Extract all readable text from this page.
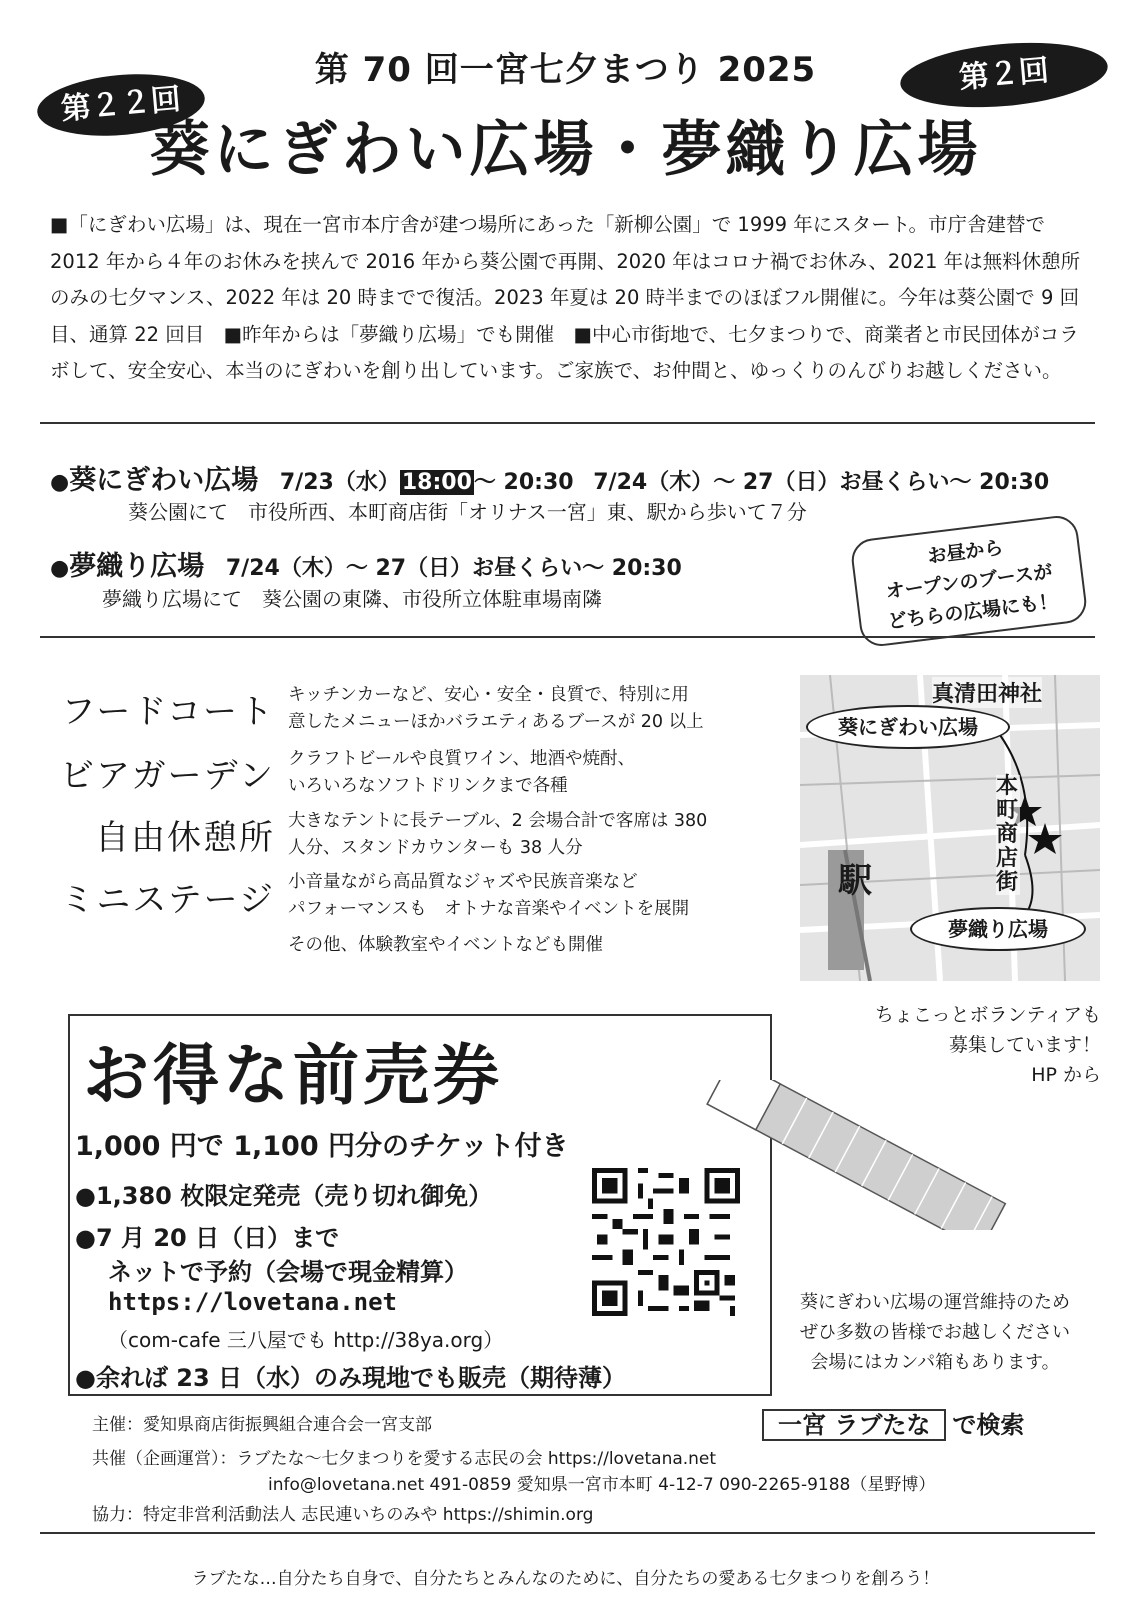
第 70 回一宮七夕まつり 2025
第２２回
第２回
葵にぎわい広場・夢織り広場
■「にぎわい広場」は、現在一宮市本庁舎が建つ場所にあった「新柳公園」で 1999 年にスタート。市庁舎建替で 2012 年から４年のお休みを挟んで 2016 年から葵公園で再開、2020 年はコロナ禍でお休み、2021 年は無料休憩所のみの七夕マンス、2022 年は 20 時までで復活。2023 年夏は 20 時半までのほぼフル開催に。今年は葵公園で 9 回目、通算 22 回目　■昨年からは「夢織り広場」でも開催　■中心市街地で、七夕まつりで、商業者と市民団体がコラボして、安全安心、本当のにぎわいを創り出しています。ご家族で、お仲間と、ゆっくりのんびりお越しください。
●葵にぎわい広場 7/23（水）18:00～ 20:30 7/24（木）～ 27（日）お昼くらい～ 20:30
葵公園にて　市役所西、本町商店街「オリナス一宮」東、駅から歩いて７分
●夢織り広場 7/24（木）～ 27（日）お昼くらい～ 20:30
夢織り広場にて　葵公園の東隣、市役所立体駐車場南隣
お昼から
オープンのブースが
どちらの広場にも！
フードコート キッチンカーなど、安心・安全・良質で、特別に用
意したメニューほかバラエティあるブースが 20 以上
ビアガーデン クラフトビールや良質ワイン、地酒や焼酎、
いろいろなソフトドリンクまで各種
自由休憩所 大きなテントに長テーブル、2 会場合計で客席は 380
人分、スタンドカウンターも 38 人分
ミニステージ 小音量ながら高品質なジャズや民族音楽など
パフォーマンスも　オトナな音楽やイベントを展開
その他、体験教室やイベントなども開催
真清田神社
葵にぎわい広場
本町商店街
駅
夢織り広場
ちょこっとボランティアも
募集しています！
HP から
お得な前売券
1,000 円で 1,100 円分のチケット付き
●1,380 枚限定発売（売り切れ御免）
●7 月 20 日（日）まで
ネットで予約（会場で現金精算）
https://lovetana.net
（com-cafe 三八屋でも http://38ya.org）
●余れば 23 日（水）のみ現地でも販売（期待薄）
葵にぎわい広場の運営維持のため
ぜひ多数の皆様でお越しください
会場にはカンパ箱もあります。
一宮 ラブたな で検索
主催：愛知県商店街振興組合連合会一宮支部
共催（企画運営）：ラブたな～七夕まつりを愛する志民の会 https://lovetana.net
info@lovetana.net 491-0859 愛知県一宮市本町 4-12-7 090-2265-9188（星野博）
協力：特定非営利活動法人 志民連いちのみや https://shimin.org
ラブたな…自分たち自身で、自分たちとみんなのために、自分たちの愛ある七夕まつりを創ろう！
